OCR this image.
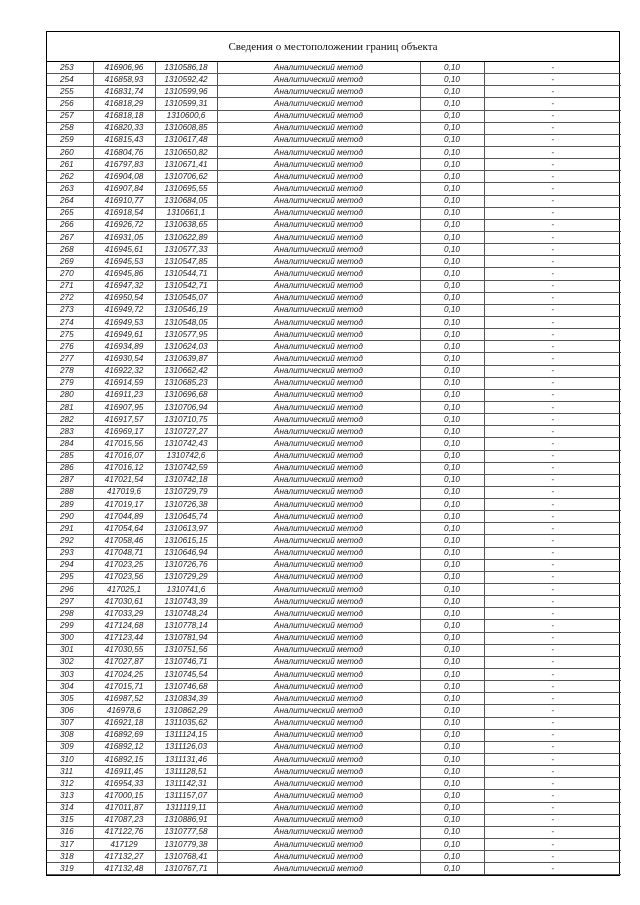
Сведения о местоположении границ объекта
253	416906,96	1310586,18	Аналитический метод	0,10	-
254	416858,93	1310592,42	Аналитический метод	0,10	-
255	416831,74	1310599,96	Аналитический метод	0,10	-
256	416818,29	1310599,31	Аналитический метод	0,10	-
257	416818,18	1310600,6	Аналитический метод	0,10	-
258	416820,33	1310608,85	Аналитический метод	0,10	-
259	416815,43	1310617,48	Аналитический метод	0,10	-
260	416804,76	1310650,82	Аналитический метод	0,10	-
261	416797,83	1310671,41	Аналитический метод	0,10	-
262	416904,08	1310706,62	Аналитический метод	0,10	-
263	416907,84	1310695,55	Аналитический метод	0,10	-
264	416910,77	1310684,05	Аналитический метод	0,10	-
265	416918,54	1310661,1	Аналитический метод	0,10	-
266	416926,72	1310638,65	Аналитический метод	0,10	-
267	416931,05	1310622,89	Аналитический метод	0,10	-
268	416945,61	1310577,33	Аналитический метод	0,10	-
269	416945,53	1310547,85	Аналитический метод	0,10	-
270	416945,86	1310544,71	Аналитический метод	0,10	-
271	416947,32	1310542,71	Аналитический метод	0,10	-
272	416950,54	1310545,07	Аналитический метод	0,10	-
273	416949,72	1310546,19	Аналитический метод	0,10	-
274	416949,53	1310548,05	Аналитический метод	0,10	-
275	416949,61	1310577,95	Аналитический метод	0,10	-
276	416934,89	1310624,03	Аналитический метод	0,10	-
277	416930,54	1310639,87	Аналитический метод	0,10	-
278	416922,32	1310662,42	Аналитический метод	0,10	-
279	416914,59	1310685,23	Аналитический метод	0,10	-
280	416911,23	1310696,68	Аналитический метод	0,10	-
281	416907,95	1310706,94	Аналитический метод	0,10	-
282	416917,57	1310710,75	Аналитический метод	0,10	-
283	416969,17	1310727,27	Аналитический метод	0,10	-
284	417015,56	1310742,43	Аналитический метод	0,10	-
285	417016,07	1310742,6	Аналитический метод	0,10	-
286	417016,12	1310742,59	Аналитический метод	0,10	-
287	417021,54	1310742,18	Аналитический метод	0,10	-
288	417019,6	1310729,79	Аналитический метод	0,10	-
289	417019,17	1310726,38	Аналитический метод	0,10	-
290	417044,89	1310645,74	Аналитический метод	0,10	-
291	417054,64	1310613,97	Аналитический метод	0,10	-
292	417058,46	1310615,15	Аналитический метод	0,10	-
293	417048,71	1310646,94	Аналитический метод	0,10	-
294	417023,25	1310726,76	Аналитический метод	0,10	-
295	417023,56	1310729,29	Аналитический метод	0,10	-
296	417025,1	1310741,6	Аналитический метод	0,10	-
297	417030,61	1310743,39	Аналитический метод	0,10	-
298	417033,29	1310748,24	Аналитический метод	0,10	-
299	417124,68	1310778,14	Аналитический метод	0,10	-
300	417123,44	1310781,94	Аналитический метод	0,10	-
301	417030,55	1310751,56	Аналитический метод	0,10	-
302	417027,87	1310746,71	Аналитический метод	0,10	-
303	417024,25	1310745,54	Аналитический метод	0,10	-
304	417015,71	1310746,68	Аналитический метод	0,10	-
305	416987,52	1310834,39	Аналитический метод	0,10	-
306	416978,6	1310862,29	Аналитический метод	0,10	-
307	416921,18	1311035,62	Аналитический метод	0,10	-
308	416892,69	1311124,15	Аналитический метод	0,10	-
309	416892,12	1311126,03	Аналитический метод	0,10	-
310	416892,15	1311131,46	Аналитический метод	0,10	-
311	416911,45	1311128,51	Аналитический метод	0,10	-
312	416954,33	1311142,31	Аналитический метод	0,10	-
313	417000,15	1311157,07	Аналитический метод	0,10	-
314	417011,87	1311119,11	Аналитический метод	0,10	-
315	417087,23	1310886,91	Аналитический метод	0,10	-
316	417122,76	1310777,58	Аналитический метод	0,10	-
317	417129	1310779,38	Аналитический метод	0,10	-
318	417132,27	1310768,41	Аналитический метод	0,10	-
319	417132,48	1310767,71	Аналитический метод	0,10	-
